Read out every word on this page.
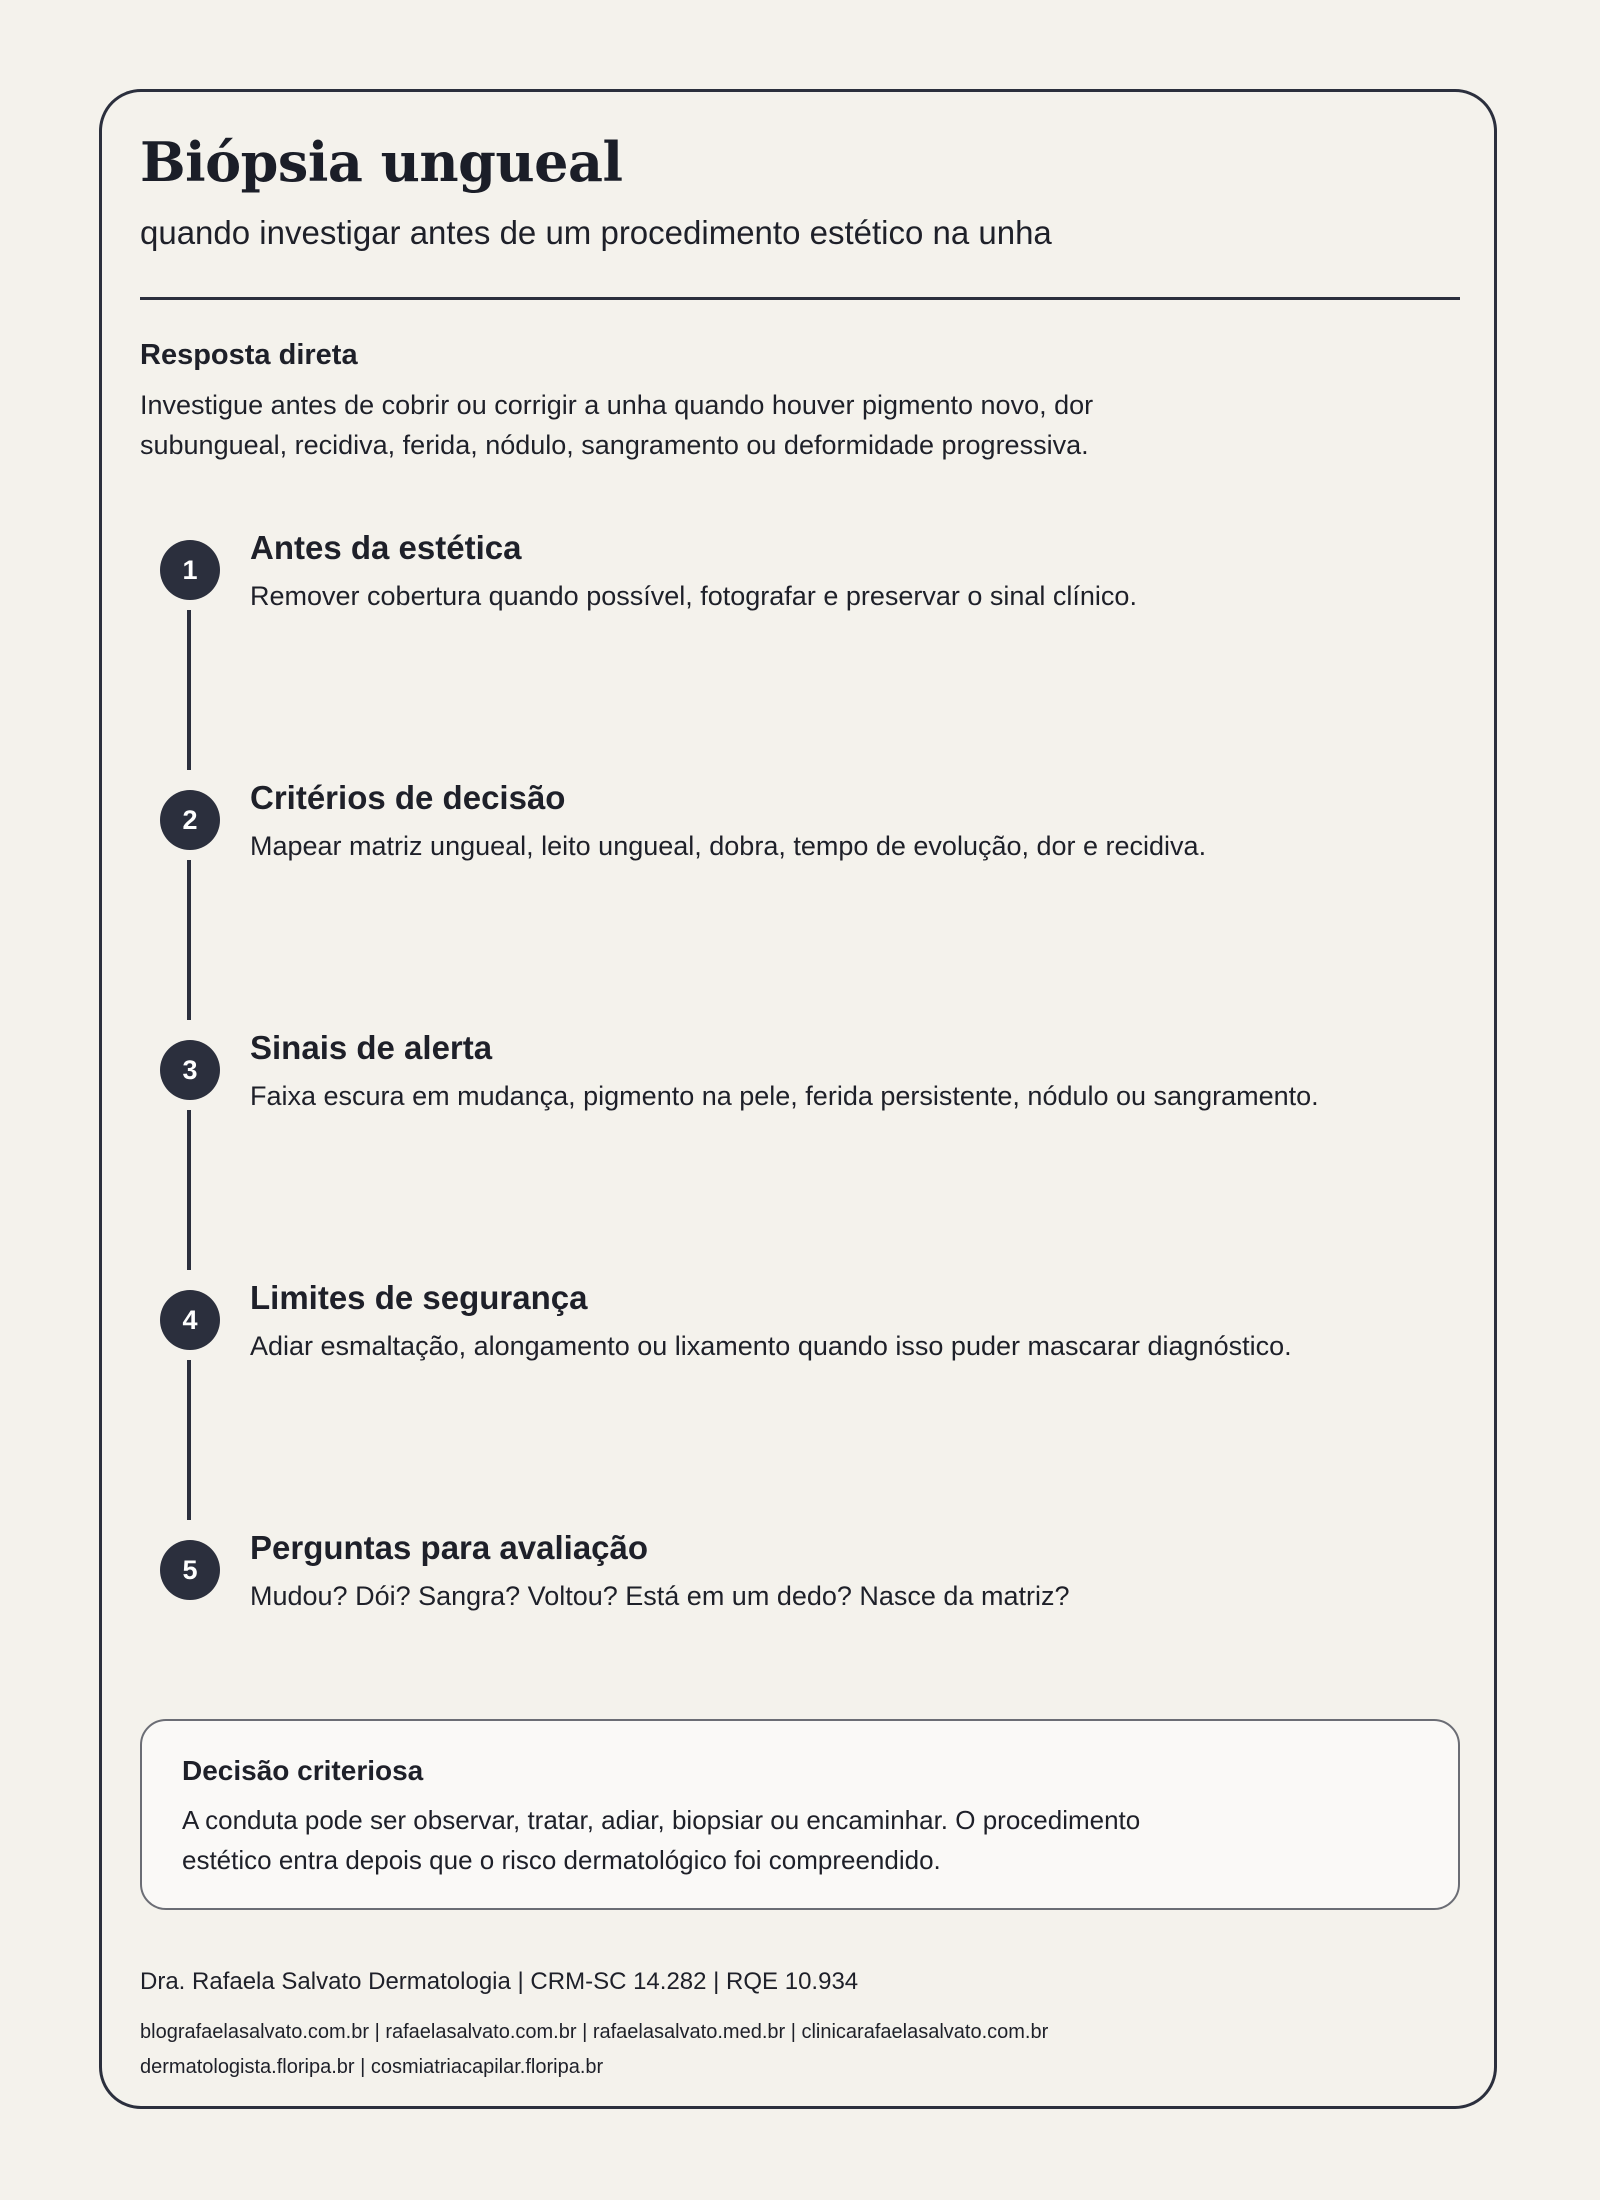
Biópsia ungueal

quando investigar antes de um procedimento estético na unha

Resposta direta

Investigue antes de cobrir ou corrigir a unha quando houver pigmento novo, dor subungueal, recidiva, ferida, nódulo, sangramento ou deformidade progressiva.

1
Antes da estética

Remover cobertura quando possível, fotografar e preservar o sinal clínico.

2
Critérios de decisão

Mapear matriz ungueal, leito ungueal, dobra, tempo de evolução, dor e recidiva.

3
Sinais de alerta

Faixa escura em mudança, pigmento na pele, ferida persistente, nódulo ou sangramento.

4
Limites de segurança

Adiar esmaltação, alongamento ou lixamento quando isso puder mascarar diagnóstico.

5
Perguntas para avaliação

Mudou? Dói? Sangra? Voltou? Está em um dedo? Nasce da matriz?

Decisão criteriosa

A conduta pode ser observar, tratar, adiar, biopsiar ou encaminhar. O procedimento estético entra depois que o risco dermatológico foi compreendido.

Dra. Rafaela Salvato Dermatologia | CRM-SC 14.282 | RQE 10.934

blografaelasalvato.com.br | rafaelasalvato.com.br | rafaelasalvato.med.br | clinicarafaelasalvato.com.br
dermatologista.floripa.br | cosmiatriacapilar.floripa.br
